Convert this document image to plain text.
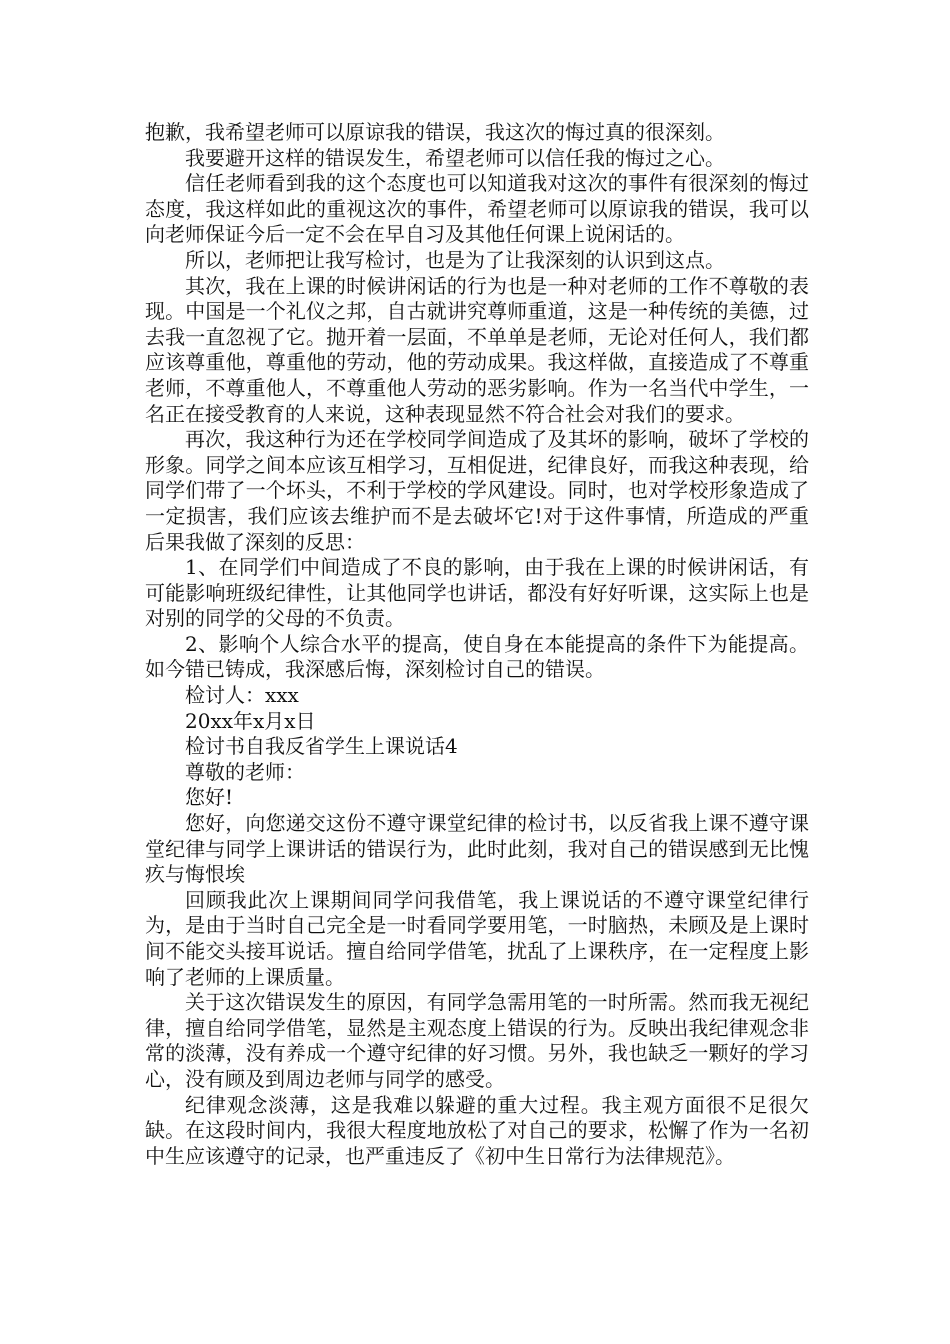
抱歉，我希望老师可以原谅我的错误，我这次的悔过真的很深刻。

我要避开这样的错误发生，希望老师可以信任我的悔过之心。

信任老师看到我的这个态度也可以知道我对这次的事件有很深刻的悔过态度，我这样如此的重视这次的事件，希望老师可以原谅我的错误，我可以向老师保证今后一定不会在早自习及其他任何课上说闲话的。

所以，老师把让我写检讨，也是为了让我深刻的认识到这点。

其次，我在上课的时候讲闲话的行为也是一种对老师的工作不尊敬的表现。中国是一个礼仪之邦，自古就讲究尊师重道，这是一种传统的美德，过去我一直忽视了它。抛开着一层面，不单单是老师，无论对任何人，我们都应该尊重他，尊重他的劳动，他的劳动成果。我这样做，直接造成了不尊重老师，不尊重他人，不尊重他人劳动的恶劣影响。作为一名当代中学生，一名正在接受教育的人来说，这种表现显然不符合社会对我们的要求。

再次，我这种行为还在学校同学间造成了及其坏的影响，破坏了学校的形象。同学之间本应该互相学习，互相促进，纪律良好，而我这种表现，给同学们带了一个坏头，不利于学校的学风建设。同时，也对学校形象造成了一定损害，我们应该去维护而不是去破坏它!对于这件事情，所造成的严重后果我做了深刻的反思：

1、在同学们中间造成了不良的影响，由于我在上课的时候讲闲话，有可能影响班级纪律性，让其他同学也讲话，都没有好好听课，这实际上也是对别的同学的父母的不负责。

2、影响个人综合水平的提高，使自身在本能提高的条件下为能提高。如今错已铸成，我深感后悔，深刻检讨自己的错误。

检讨人：xxx

20xx年x月x日

检讨书自我反省学生上课说话4

尊敬的老师：

您好!

您好，向您递交这份不遵守课堂纪律的检讨书，以反省我上课不遵守课堂纪律与同学上课讲话的错误行为，此时此刻，我对自己的错误感到无比愧疚与悔恨埃

回顾我此次上课期间同学问我借笔，我上课说话的不遵守课堂纪律行为，是由于当时自己完全是一时看同学要用笔，一时脑热，未顾及是上课时间不能交头接耳说话。擅自给同学借笔，扰乱了上课秩序，在一定程度上影响了老师的上课质量。

关于这次错误发生的原因，有同学急需用笔的一时所需。然而我无视纪律，擅自给同学借笔，显然是主观态度上错误的行为。反映出我纪律观念非常的淡薄，没有养成一个遵守纪律的好习惯。另外，我也缺乏一颗好的学习心，没有顾及到周边老师与同学的感受。

纪律观念淡薄，这是我难以躲避的重大过程。我主观方面很不足很欠缺。在这段时间内，我很大程度地放松了对自己的要求，松懈了作为一名初中生应该遵守的记录，也严重违反了《初中生日常行为法律规范》。
